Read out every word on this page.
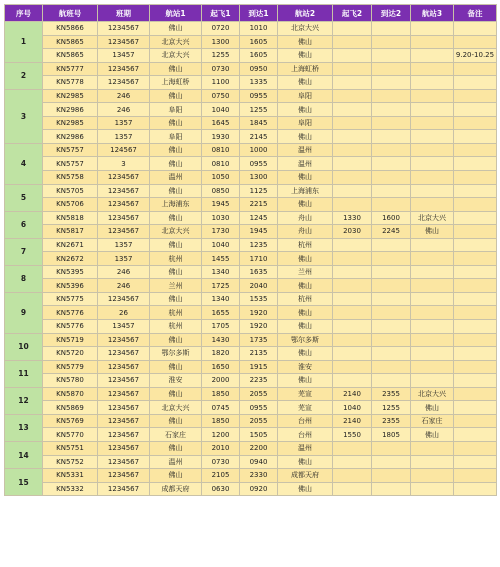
序号	航班号	班期	航站1	起飞1	到达1	航站2	起飞2	到达2	航站3	备注
1	KN5866	1234567	佛山	0720	1010	北京大兴				
	KN5865	1234567	北京大兴	1300	1605	佛山				
	KN5865	13457	北京大兴	1255	1605	佛山				9.20-10.25
2	KN5777	1234567	佛山	0730	0950	上海虹桥				
	KN5778	1234567	上海虹桥	1100	1335	佛山				
3	KN2985	246	佛山	0750	0955	阜阳				
	KN2986	246	阜阳	1040	1255	佛山				
	KN2985	1357	佛山	1645	1845	阜阳				
	KN2986	1357	阜阳	1930	2145	佛山				
4	KN5757	124567	佛山	0810	1000	温州				
	KN5757	3	佛山	0810	0955	温州				
	KN5758	1234567	温州	1050	1300	佛山				
5	KN5705	1234567	佛山	0850	1125	上海浦东				
	KN5706	1234567	上海浦东	1945	2215	佛山				
6	KN5818	1234567	佛山	1030	1245	舟山	1330	1600	北京大兴	
	KN5817	1234567	北京大兴	1730	1945	舟山	2030	2245	佛山	
7	KN2671	1357	佛山	1040	1235	杭州				
	KN2672	1357	杭州	1455	1710	佛山				
8	KN5395	246	佛山	1340	1635	兰州				
	KN5396	246	兰州	1725	2040	佛山				
9	KN5775	1234567	佛山	1340	1535	杭州				
	KN5776	26	杭州	1655	1920	佛山				
	KN5776	13457	杭州	1705	1920	佛山				
10	KN5719	1234567	佛山	1430	1735	鄂尔多斯				
	KN5720	1234567	鄂尔多斯	1820	2135	佛山				
11	KN5779	1234567	佛山	1650	1915	淮安				
	KN5780	1234567	淮安	2000	2235	佛山				
12	KN5870	1234567	佛山	1850	2055	芜宣	2140	2355	北京大兴	
	KN5869	1234567	北京大兴	0745	0955	芜宣	1040	1255	佛山	
13	KN5769	1234567	佛山	1850	2055	台州	2140	2355	石家庄	
	KN5770	1234567	石家庄	1200	1505	台州	1550	1805	佛山	
14	KN5751	1234567	佛山	2010	2200	温州				
	KN5752	1234567	温州	0730	0940	佛山				
15	KN5331	1234567	佛山	2105	2330	成都天府				
	KN5332	1234567	成都天府	0630	0920	佛山				
